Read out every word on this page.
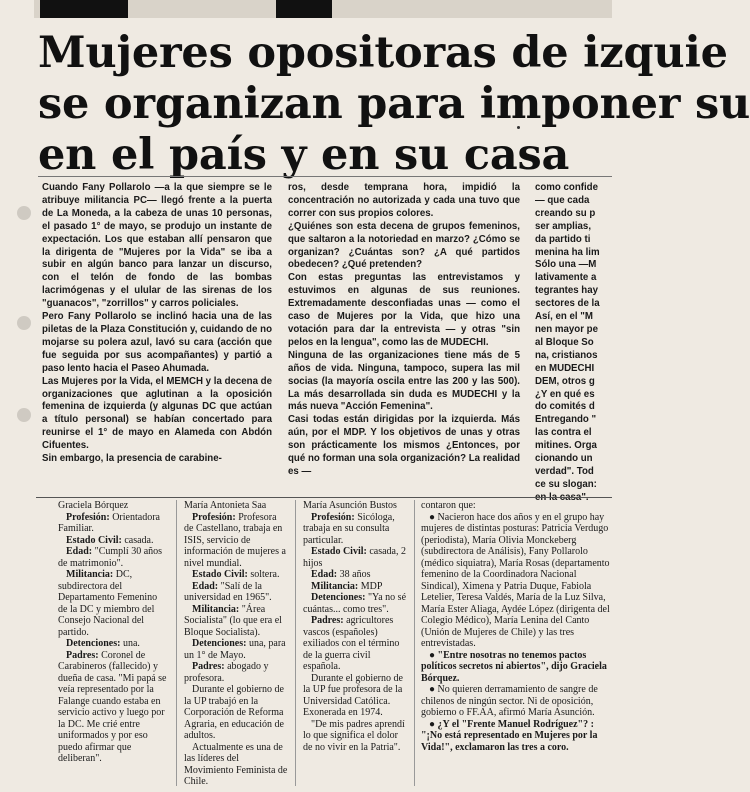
Mujeres opositoras de izquie
se organizan para imponer su
en el país y en su casa

Cuando Fany Pollarolo —a la que siempre se le atribuye militancia PC— llegó frente a la puerta de La Moneda, a la cabeza de unas 10 personas, el pasado 1° de mayo, se produjo un instante de expectación. Los que estaban allí pensaron que la dirigenta de "Mujeres por la Vida" se iba a subir en algún banco para lanzar un discurso, con el telón de fondo de las bombas lacrimógenas y el ulular de las sirenas de los "guanacos", "zorrillos" y carros policiales.

Pero Fany Pollarolo se inclinó hacia una de las piletas de la Plaza Constitución y, cuidando de no mojarse su polera azul, lavó su cara (acción que fue seguida por sus acompañantes) y partió a paso lento hacia el Paseo Ahumada.

Las Mujeres por la Vida, el MEMCH y la decena de organizaciones que aglutinan a la oposición femenina de izquierda (y algunas DC que actúan a título personal) se habían concertado para reunirse el 1° de mayo en Alameda con Abdón Cifuentes.

Sin embargo, la presencia de carabine-

ros, desde temprana hora, impidió la concentración no autorizada y cada una tuvo que correr con sus propios colores.

¿Quiénes son esta decena de grupos femeninos, que saltaron a la notoriedad en marzo? ¿Cómo se organizan? ¿Cuántas son? ¿A qué partidos obedecen? ¿Qué pretenden?

Con estas preguntas las entrevistamos y estuvimos en algunas de sus reuniones. Extremadamente desconfiadas unas — como el caso de Mujeres por la Vida, que hizo una votación para dar la entrevista — y otras "sin pelos en la lengua", como las de MUDECHI.

Ninguna de las organizaciones tiene más de 5 años de vida. Ninguna, tampoco, supera las mil socias (la mayoría oscila entre las 200 y las 500). La más desarrollada sin duda es MUDECHI y la más nueva "Acción Femenina".

Casi todas están dirigidas por la izquierda. Más aún, por el MDP. Y los objetivos de unas y otras son prácticamente los mismos ¿Entonces, por qué no forman una sola organización? La realidad es —

como confide
— que cada
creando su p
ser amplias,
da partido ti
menina ha lim
Sólo una —M
lativamente a
tegrantes hay
sectores de la
Así, en el "M
nen mayor pe
al Bloque So
na, cristianos
en MUDECHI
DEM, otros g
¿Y en qué es
do comités d
Entregando "
las contra el
mitines. Orga
cionando un
verdad". Tod
ce su slogan:
en la casa".

Graciela Bórquez

Profesión: Orientadora Familiar.

Estado Civil: casada.

Edad: "Cumplí 30 años de matrimonio".

Militancia: DC, subdirectora del Departamento Femenino de la DC y miembro del Consejo Nacional del partido.

Detenciones: una.

Padres: Coronel de Carabineros (fallecido) y dueña de casa. "Mi papá se veía representado por la Falange cuando estaba en servicio activo y luego por la DC. Me crié entre uniformados y por eso puedo afirmar que deliberan".

María Antonieta Saa

Profesión: Profesora de Castellano, trabaja en ISIS, servicio de información de mujeres a nivel mundial.

Estado Civil: soltera.

Edad: "Salí de la universidad en 1965".

Militancia: "Área Socialista" (lo que era el Bloque Socialista).

Detenciones: una, para un 1° de Mayo.

Padres: abogado y profesora.

Durante el gobierno de la UP trabajó en la Corporación de Reforma Agraria, en educación de adultos.

Actualmente es una de las líderes del Movimiento Feminista de Chile.

María Asunción Bustos

Profesión: Sicóloga, trabaja en su consulta particular.

Estado Civil: casada, 2 hijos

Edad: 38 años

Militancia: MDP

Detenciones: "Ya no sé cuántas... como tres".

Padres: agricultores vascos (españoles) exiliados con el término de la guerra civil española.

Durante el gobierno de la UP fue profesora de la Universidad Católica. Exonerada en 1974.

"De mis padres aprendí lo que significa el dolor de no vivir en la Patria".

contaron que:

● Nacieron hace dos años y en el grupo hay mujeres de distintas posturas: Patricia Verdugo (periodista), María Olivia Monckeberg (subdirectora de Análisis), Fany Pollarolo (médico siquiatra), María Rosas (departamento femenino de la Coordinadora Nacional Sindical), Ximena y Patria Duque, Fabiola Letelier, Teresa Valdés, María de la Luz Silva, María Ester Aliaga, Aydée López (dirigenta del Colegio Médico), María Lenina del Canto (Unión de Mujeres de Chile) y las tres entrevistadas.

● "Entre nosotras no tenemos pactos políticos secretos ni abiertos", dijo Graciela Bórquez.

● No quieren derramamiento de sangre de chilenos de ningún sector. Ni de oposición, gobierno o FF.AA, afirmó María Asunción.

● ¿Y el "Frente Manuel Rodríguez"? : "¡No está representado en Mujeres por la Vida!", exclamaron las tres a coro.
